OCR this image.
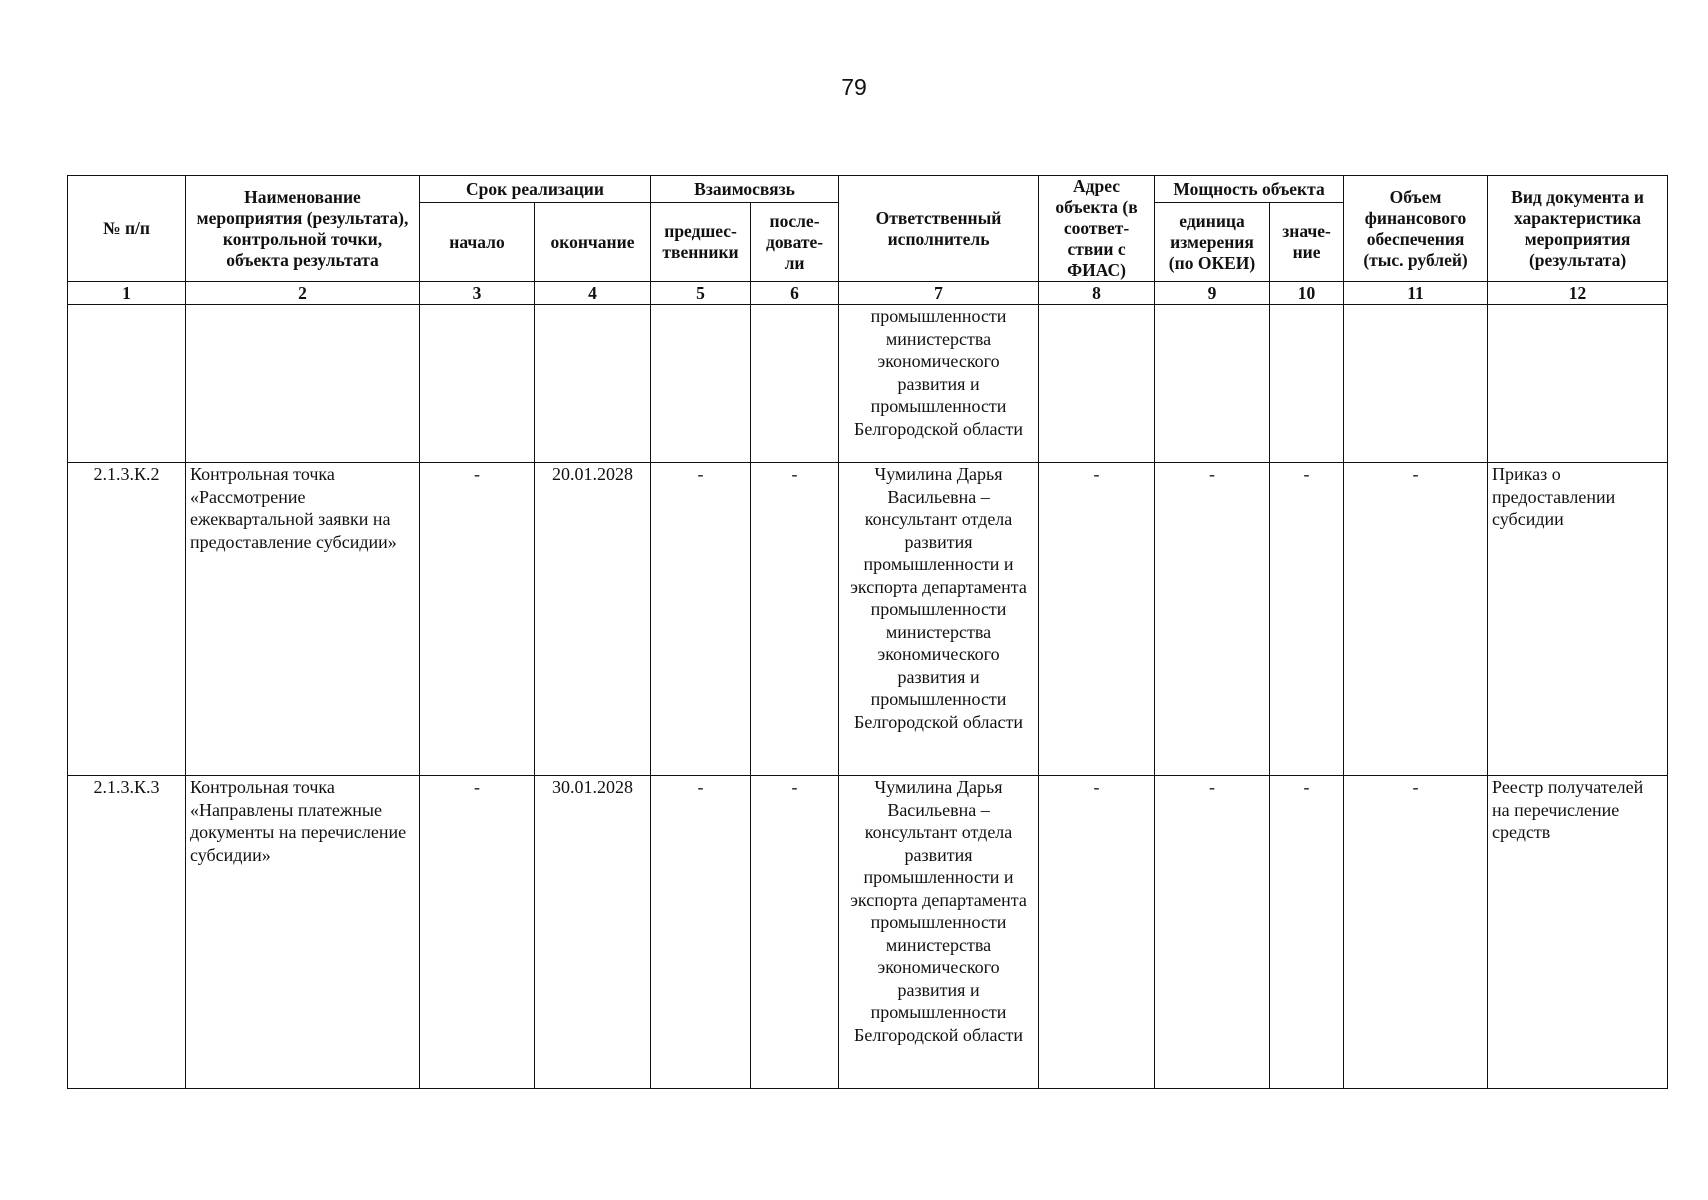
79
№ п/п	Наименование мероприятия (результата), контрольной точки, объекта результата	Срок реализации		Взаимосвязь		Ответственный исполнитель	Адрес объекта (в соответ- ствии с ФИАС)	Мощность объекта		Объем финансового обеспечения (тыс. рублей)	Вид документа и характеристика мероприятия (результата)
		начало	окончание	предшес- твенники	после- довате- ли			единица измерения (по ОКЕИ)	значе- ние		
1	2	3	4	5	6	7	8	9	10	11	12
						промышленности министерства экономического развития и промышленности Белгородской области					
2.1.3.К.2	Контрольная точка «Рассмотрение ежеквартальной заявки на предоставление субсидии»	-	20.01.2028	-	-	Чумилина Дарья Васильевна – консультант отдела развития промышленности и экспорта департамента промышленности министерства экономического развития и промышленности Белгородской области	-	-	-	-	Приказ о предоставлении субсидии
2.1.3.К.3	Контрольная точка «Направлены платежные документы на перечисление субсидии»	-	30.01.2028	-	-	Чумилина Дарья Васильевна – консультант отдела развития промышленности и экспорта департамента промышленности министерства экономического развития и промышленности Белгородской области	-	-	-	-	Реестр получателей на перечисление средств
